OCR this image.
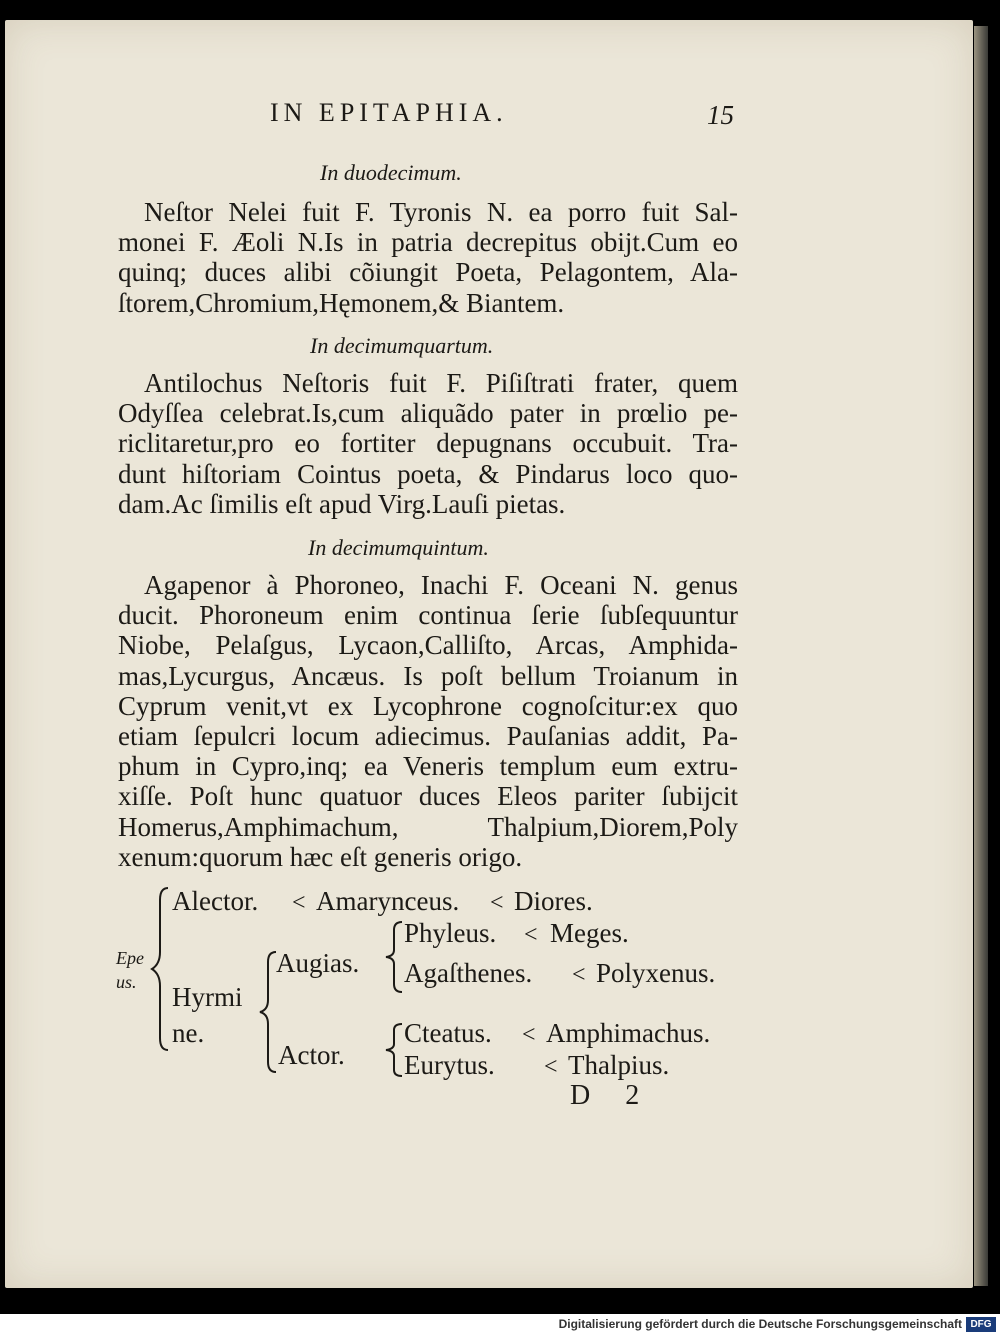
IN EPITAPHIA.	15
In duodecimum.
Neſtor Nelei fuit F. Tyronis N. ea porro fuit Sal-
monei F. Æoli N.Is in patria decrepitus obijt.Cum eo
quinq; duces alibi cõiungit Poeta, Pelagontem, Ala-
ſtorem,Chromium,Hęmonem,& Biantem.
In decimumquartum.
Antilochus Neſtoris fuit F. Piſiſtrati frater, quem
Odyſſea celebrat.Is,cum aliquãdo pater in prœlio pe-
riclitaretur,pro eo fortiter depugnans occubuit. Tra-
dunt hiſtoriam Cointus poeta, & Pindarus loco quo-
dam.Ac ſimilis eſt apud Virg.Lauſi pietas.
In decimumquintum.
Agapenor à Phoroneo, Inachi F. Oceani N. genus
ducit. Phoroneum enim continua ſerie ſubſequuntur
Niobe, Pelaſgus, Lycaon,Calliſto, Arcas, Amphida-
mas,Lycurgus, Ancæus. Is poſt bellum Troianum in
Cyprum venit,vt ex Lycophrone cognoſcitur:ex quo
etiam ſepulcri locum adiecimus. Pauſanias addit, Pa-
phum in Cypro,inq; ea Veneris templum eum extru-
xiſſe. Poſt hunc quatuor duces Eleos pariter ſubijcit
Homerus,Amphimachum, Thalpium,Diorem,Poly
xenum:quorum hæc eſt generis origo.
Epe
us.
Alector. < Amarynceus. < Diores.
Hyrmi
ne.
Augias.
Actor.
Phyleus. < Meges.
Agaſthenes. < Polyxenus.
Cteatus. < Amphimachus.
Eurytus. < Thalpius.
D 2
Digitalisierung gefördert durch die Deutsche Forschungsgemeinschaft DFG
